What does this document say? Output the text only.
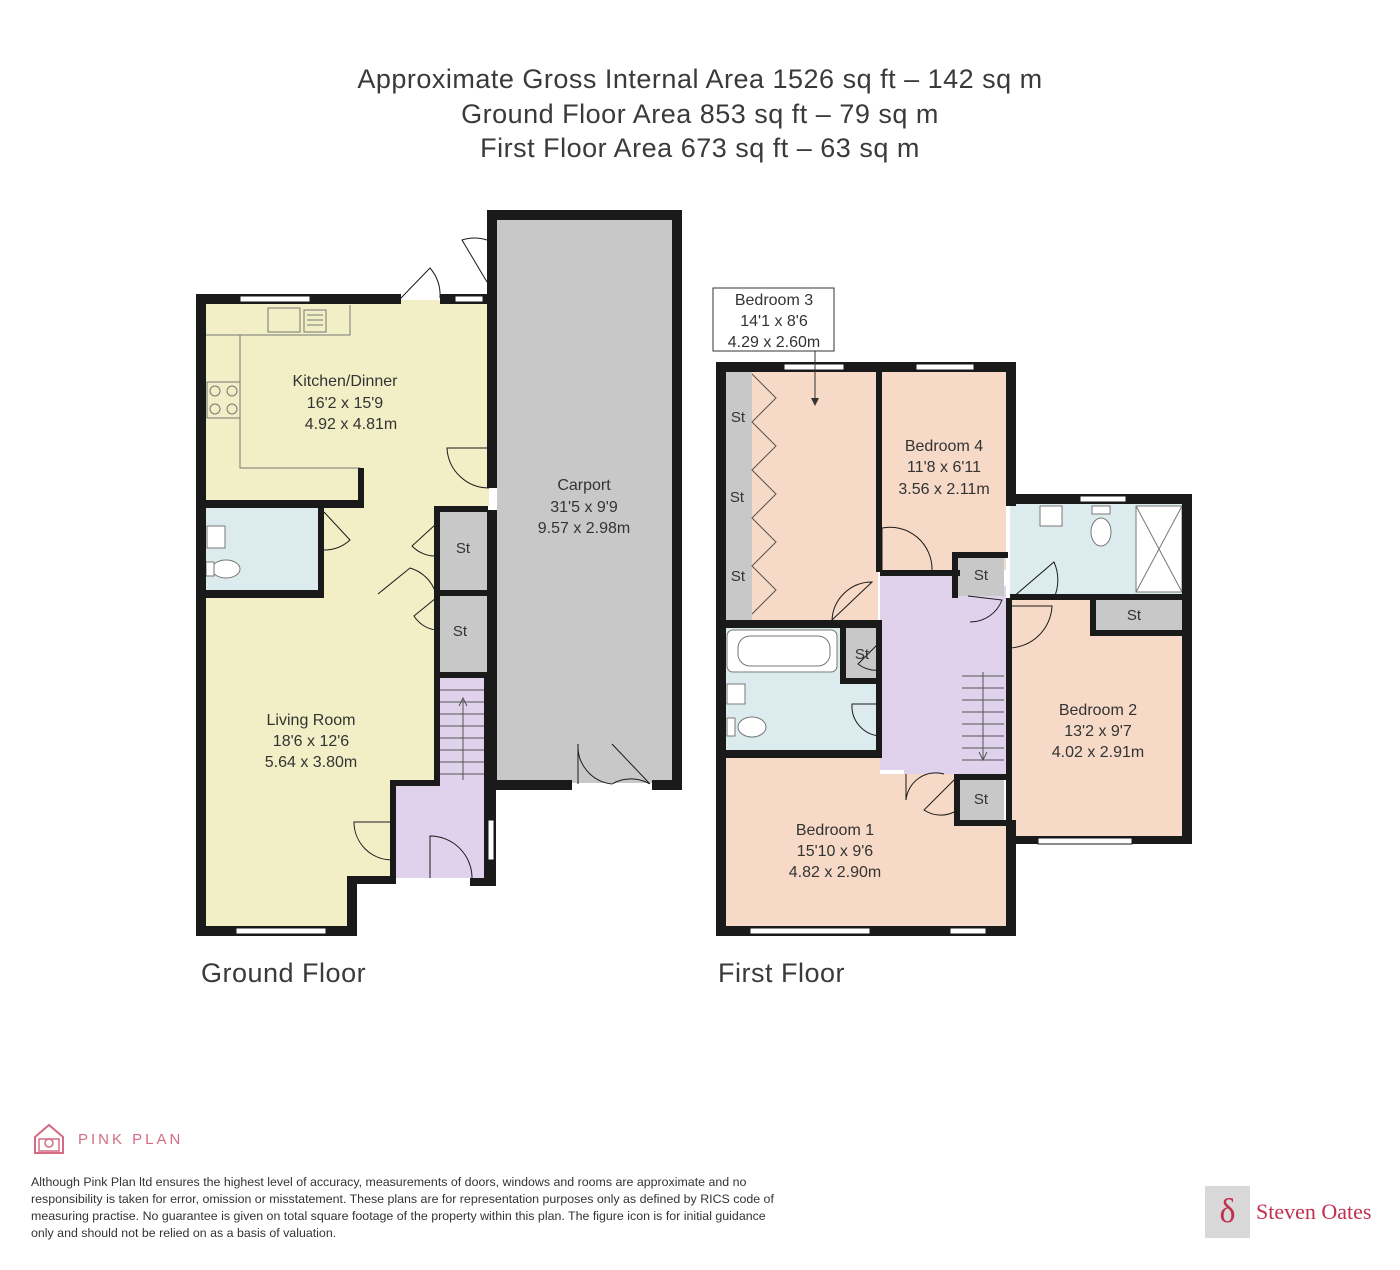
Approximate Gross Internal Area 1526 sq ft – 142 sq m
Ground Floor Area 853 sq ft – 79 sq m
First Floor Area 673 sq ft – 63 sq m
Kitchen/Dinner
16'2 x 15'9
4.92 x 4.81m
Carport
31'5 x 9'9
9.57 x 2.98m
Living Room
18'6 x 12'6
5.64 x 3.80m
St
St
Bedroom 3
14'1 x 8'6
4.29 x 2.60m
Bedroom 4
11'8 x 6'11
3.56 x 2.11m
Bedroom 2
13'2 x 9'7
4.02 x 2.91m
Bedroom 1
15'10 x 9'6
4.82 x 2.90m
St
St
St	St
St
St
St
Ground Floor	First Floor
PINK PLAN
Although Pink Plan ltd ensures the highest level of accuracy, measurements of doors, windows and rooms are approximate and no responsibility is taken for error, omission or misstatement. These plans are for representation purposes only as defined by RICS code of measuring practise. No guarantee is given on total square footage of the property within this plan. The figure icon is for initial guidance only and should not be relied on as a basis of valuation.
δ Steven Oates
